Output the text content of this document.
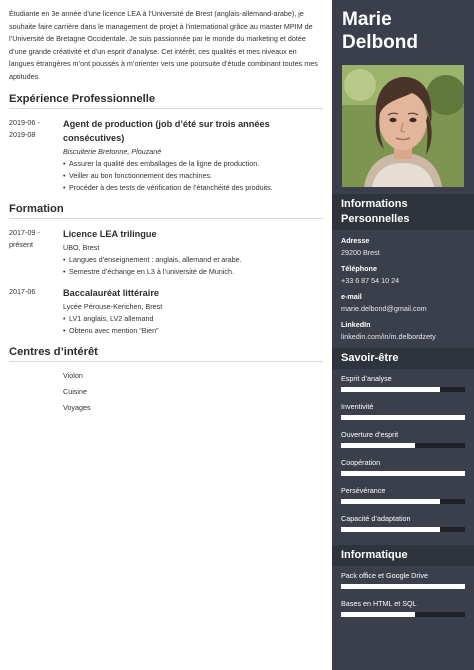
Étudiante en 3e année d’une licence LEA à l’Université de Brest (anglais-allemand-arabe), je souhaite faire carrière dans le management de projet à l’international grâce au master MPIM de l’Université de Bretagne Occidentale. Je suis passionnée par le monde du marketing et dotée d’une grande créativité et d’un esprit d’analyse. Cet intérêt, ces qualités et mes niveaux en langues étrangères m’ont poussés à m’orienter vers une poursuite d’étude combinant toutes mes aptitudes.

Expérience Professionnelle
2019-06 - 2019-08
Agent de production (job d’été sur trois années consécutives)
Biscuiterie Bretonne, Plouzané
• Assurer la qualité des emballages de la ligne de production.
• Veiller au bon fonctionnement des machines.
• Procéder à des tests de vérification de l’étanchéité des produits.
Formation
2017-09 - présent
Licence LEA trilingue
UBO, Brest
• Langues d’enseignement : anglais, allemand et arabe.
• Semestre d’échange en L3 à l’université de Munich.
2017-06	Baccalauréat littéraire
Lycée Pérouse-Kerichen, Brest
• LV1 anglais, LV2 allemand
• Obtenu avec mention “Bien”
Centres d’intérêt
Violon
Cuisine
Voyages
Marie
Delbond
Informations
Personnelles
Adresse
29200 Brest
Téléphone
+33 6 87 54 10 24
e-mail
marie.delbond@gmail.com
LinkedIn
linkedin.com/in/m.delbordzety
Savoir-être
Esprit d’analyse
Inventivité
Ouverture d’esprit
Coopération
Persévérance
Capacité d’adaptation
Informatique
Pack office et Google Drive
Bases en HTML et SQL
